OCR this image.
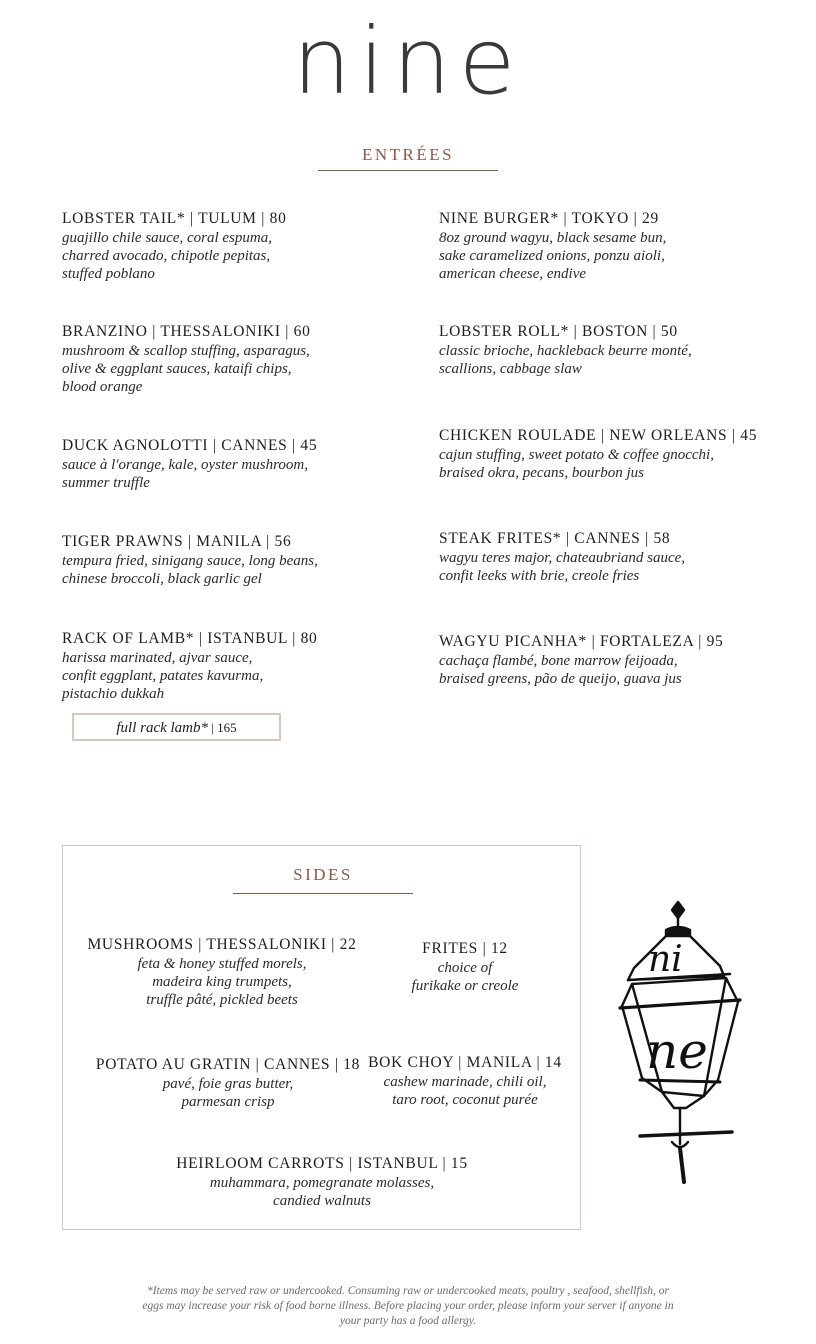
nine
ENTRÉES
LOBSTER TAIL* | TULUM | 80
guajillo chile sauce, coral espuma,
charred avocado, chipotle pepitas,
stuffed poblano
BRANZINO | THESSALONIKI | 60
mushroom & scallop stuffing, asparagus,
olive & eggplant sauces, kataifi chips,
blood orange
DUCK AGNOLOTTI | CANNES | 45
sauce à l'orange, kale, oyster mushroom,
summer truffle
TIGER PRAWNS | MANILA | 56
tempura fried, sinigang sauce, long beans,
chinese broccoli, black garlic gel
RACK OF LAMB* | ISTANBUL | 80
harissa marinated, ajvar sauce,
confit eggplant, patates kavurma,
pistachio dukkah
full rack lamb* | 165
NINE BURGER* | TOKYO | 29
8oz ground wagyu, black sesame bun,
sake caramelized onions, ponzu aioli,
american cheese, endive
LOBSTER ROLL* | BOSTON | 50
classic brioche, hackleback beurre monté,
scallions, cabbage slaw
CHICKEN ROULADE | NEW ORLEANS | 45
cajun stuffing, sweet potato & coffee gnocchi,
braised okra, pecans, bourbon jus
STEAK FRITES* | CANNES | 58
wagyu teres major, chateaubriand sauce,
confit leeks with brie, creole fries
WAGYU PICANHA* | FORTALEZA | 95
cachaça flambé, bone marrow feijoada,
braised greens, pão de queijo, guava jus
SIDES
MUSHROOMS | THESSALONIKI | 22
feta & honey stuffed morels,
madeira king trumpets,
truffle pâté, pickled beets
FRITES | 12
choice of
furikake or creole
POTATO AU GRATIN | CANNES | 18
pavé, foie gras butter,
parmesan crisp
BOK CHOY | MANILA | 14
cashew marinade, chili oil,
taro root, coconut purée
HEIRLOOM CARROTS | ISTANBUL | 15
muhammara, pomegranate molasses,
candied walnuts
ni
ne
*Items may be served raw or undercooked. Consuming raw or undercooked meats, poultry , seafood, shellfish, or
eggs may increase your risk of food borne illness. Before placing your order, please inform your server if anyone in
your party has a food allergy.
